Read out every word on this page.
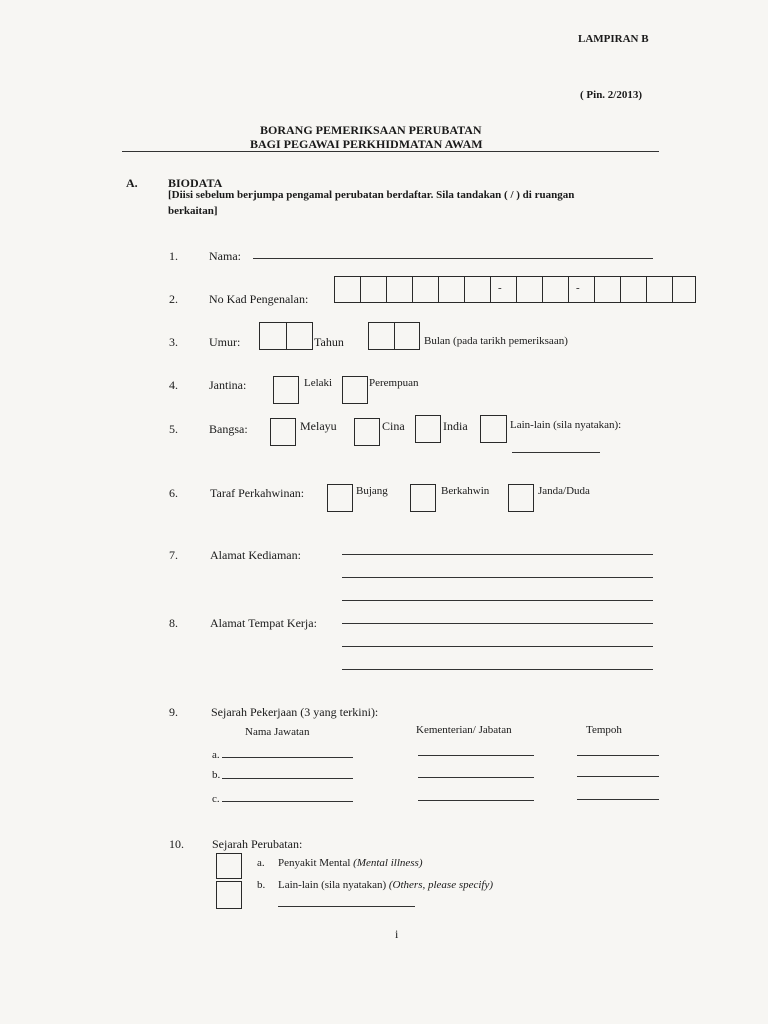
LAMPIRAN B
( Pin. 2/2013)
BORANG PEMERIKSAAN PERUBATAN
BAGI PEGAWAI PERKHIDMATAN AWAM
A.	BIODATA
[Diisi sebelum berjumpa pengamal perubatan berdaftar. Sila tandakan ( / ) di ruangan
berkaitan]
1.	Nama:
2.	No Kad Pengenalan:
-	-
3.	Umur:	Tahun	Bulan (pada tarikh pemeriksaan)
4.	Jantina:	Lelaki	Perempuan
5.	Bangsa:	Melayu	Cina	India	Lain-lain (sila nyatakan):
6.	Taraf Perkahwinan:	Bujang	Berkahwin	Janda/Duda
7.	Alamat Kediaman:
8.	Alamat Tempat Kerja:
9.	Sejarah Pekerjaan (3 yang terkini):
Nama Jawatan	Kementerian/ Jabatan	Tempoh
a.
b.
c.
10. Sejarah Perubatan:
a. Penyakit Mental (Mental illness)
b. Lain-lain (sila nyatakan) (Others, please specify)
i
